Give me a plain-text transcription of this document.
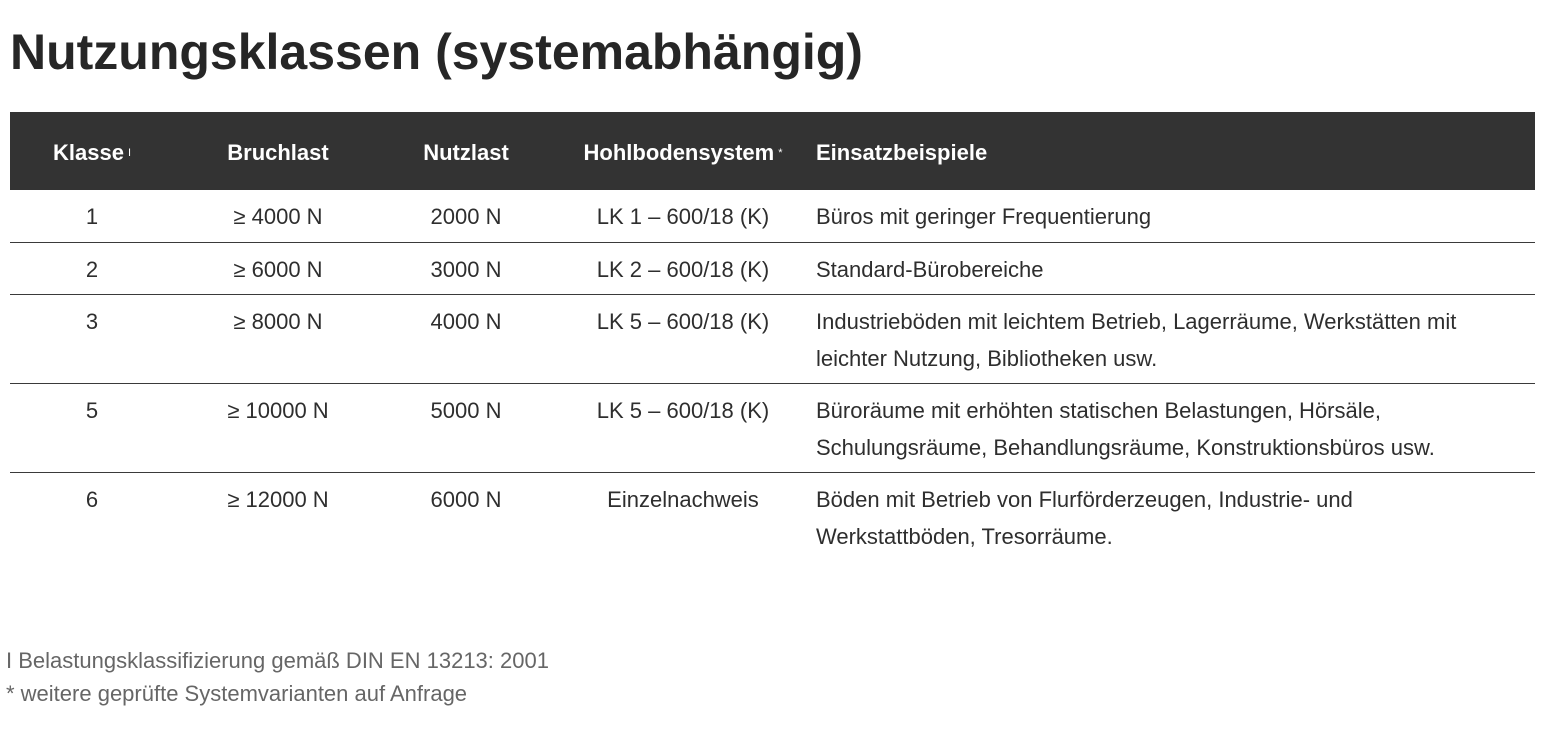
Nutzungsklassen (systemabhängig)
Klasse $^I$	Bruchlast	Nutzlast	Hohlbodensystem *	Einsatzbeispiele
1	≥ 4000 N	2000 N	LK 1 – 600/18 (K)	Büros mit geringer Frequentierung
2	≥ 6000 N	3000 N	LK 2 – 600/18 (K)	Standard-Bürobereiche
3	≥ 8000 N	4000 N	LK 5 – 600/18 (K)	Industrieböden mit leichtem Betrieb, Lagerräume, Werkstätten mit leichter Nutzung, Bibliotheken usw.
5	≥ 10000 N	5000 N	LK 5 – 600/18 (K)	Büroräume mit erhöhten statischen Belastungen, Hörsäle, Schulungsräume, Behandlungsräume, Konstruktionsbüros usw.
6	≥ 12000 N	6000 N	Einzelnachweis	Böden mit Betrieb von Flurförderzeugen, Industrie- und Werkstattböden, Tresorräume.
I Belastungsklassifizierung gemäß DIN EN 13213: 2001
* weitere geprüfte Systemvarianten auf Anfrage
